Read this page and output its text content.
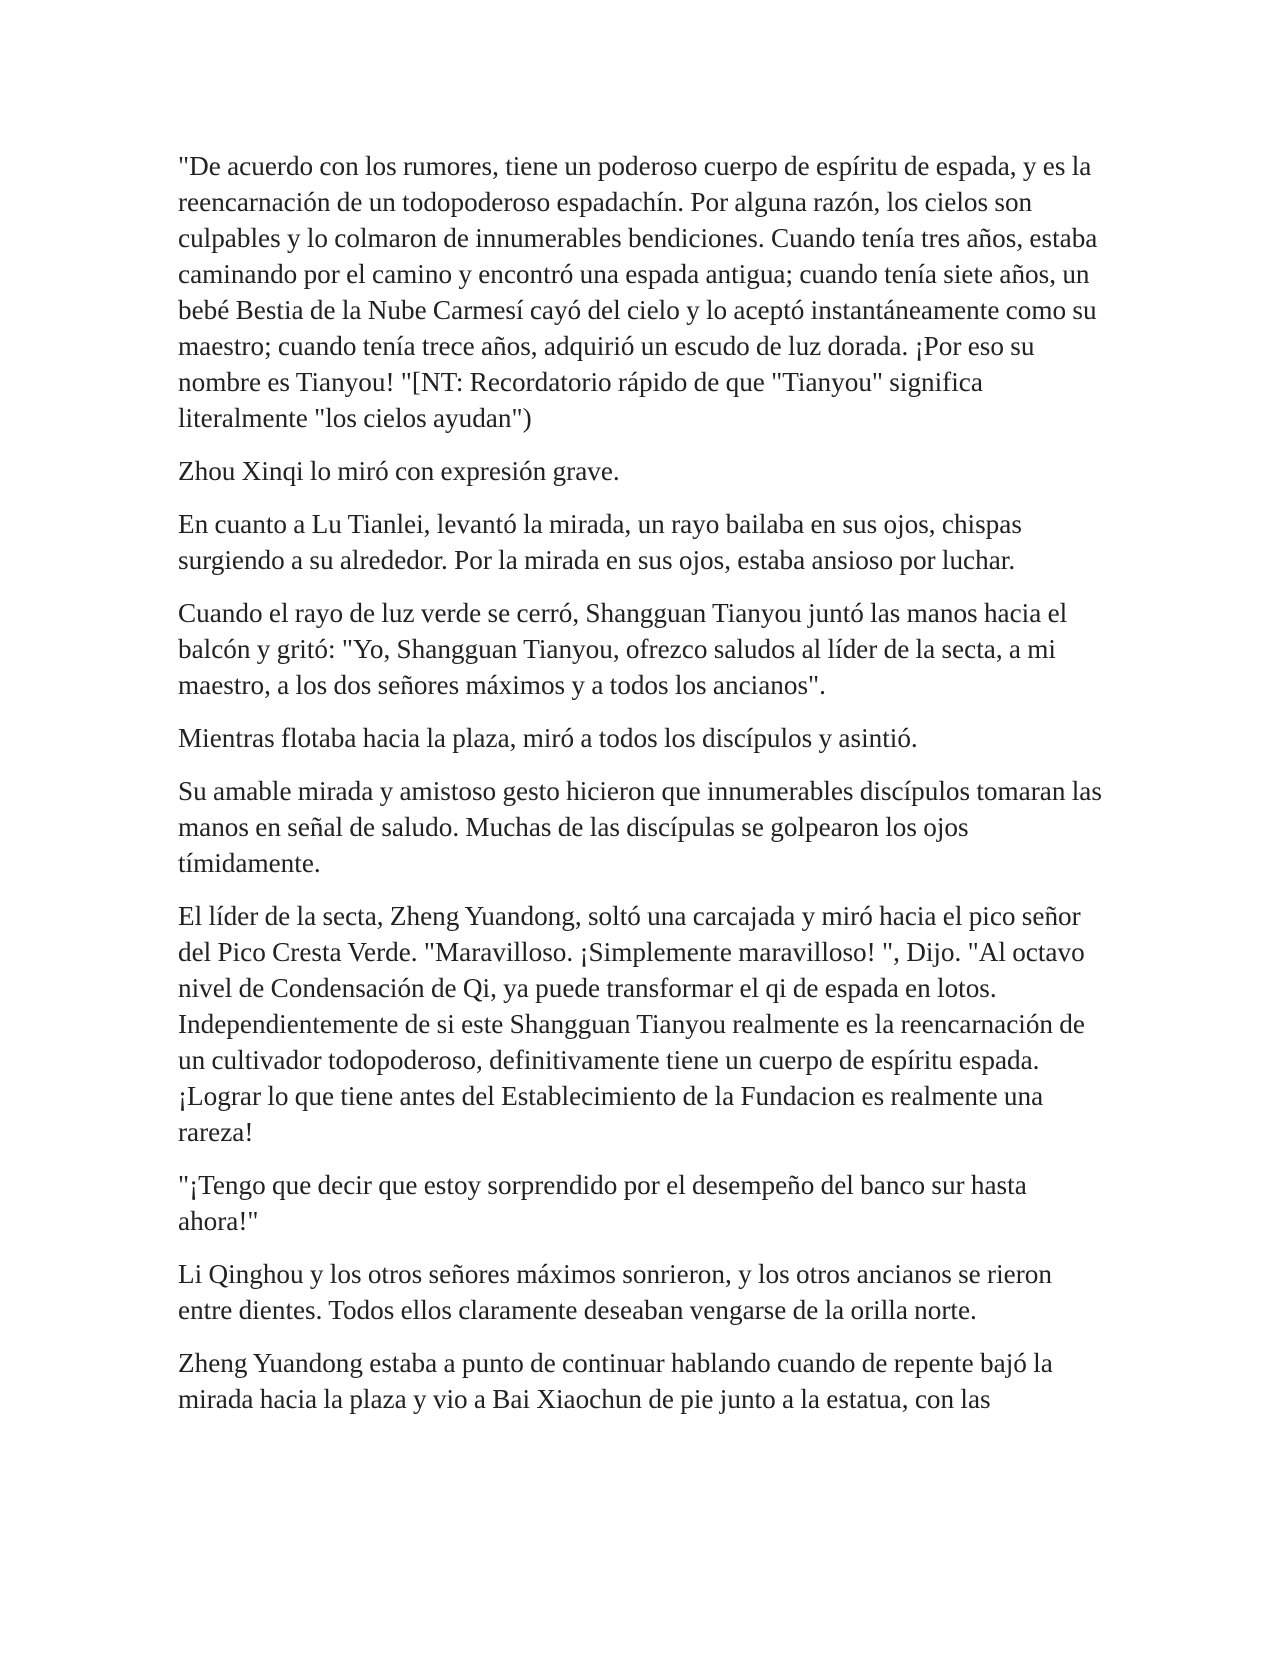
"De acuerdo con los rumores, tiene un poderoso cuerpo de espíritu de espada, y es la reencarnación de un todopoderoso espadachín. Por alguna razón, los cielos son culpables y lo colmaron de innumerables bendiciones. Cuando tenía tres años, estaba caminando por el camino y encontró una espada antigua; cuando tenía siete años, un bebé Bestia de la Nube Carmesí cayó del cielo y lo aceptó instantáneamente como su maestro; cuando tenía trece años, adquirió un escudo de luz dorada. ¡Por eso su nombre es Tianyou! "[NT: Recordatorio rápido de que "Tianyou" significa literalmente "los cielos ayudan")

Zhou Xinqi lo miró con expresión grave.

En cuanto a Lu Tianlei, levantó la mirada, un rayo bailaba en sus ojos, chispas surgiendo a su alrededor. Por la mirada en sus ojos, estaba ansioso por luchar.

Cuando el rayo de luz verde se cerró, Shangguan Tianyou juntó las manos hacia el balcón y gritó: "Yo, Shangguan Tianyou, ofrezco saludos al líder de la secta, a mi maestro, a los dos señores máximos y a todos los ancianos".

Mientras flotaba hacia la plaza, miró a todos los discípulos y asintió.

Su amable mirada y amistoso gesto hicieron que innumerables discípulos tomaran las manos en señal de saludo. Muchas de las discípulas se golpearon los ojos tímidamente.

El líder de la secta, Zheng Yuandong, soltó una carcajada y miró hacia el pico señor del Pico Cresta Verde. "Maravilloso. ¡Simplemente maravilloso! ", Dijo. "Al octavo nivel de Condensación de Qi, ya puede transformar el qi de espada en lotos. Independientemente de si este Shangguan Tianyou realmente es la reencarnación de un cultivador todopoderoso, definitivamente tiene un cuerpo de espíritu espada. ¡Lograr lo que tiene antes del Establecimiento de la Fundacion es realmente una rareza!

"¡Tengo que decir que estoy sorprendido por el desempeño del banco sur hasta ahora!"

Li Qinghou y los otros señores máximos sonrieron, y los otros ancianos se rieron entre dientes. Todos ellos claramente deseaban vengarse de la orilla norte.

Zheng Yuandong estaba a punto de continuar hablando cuando de repente bajó la mirada hacia la plaza y vio a Bai Xiaochun de pie junto a la estatua, con las
